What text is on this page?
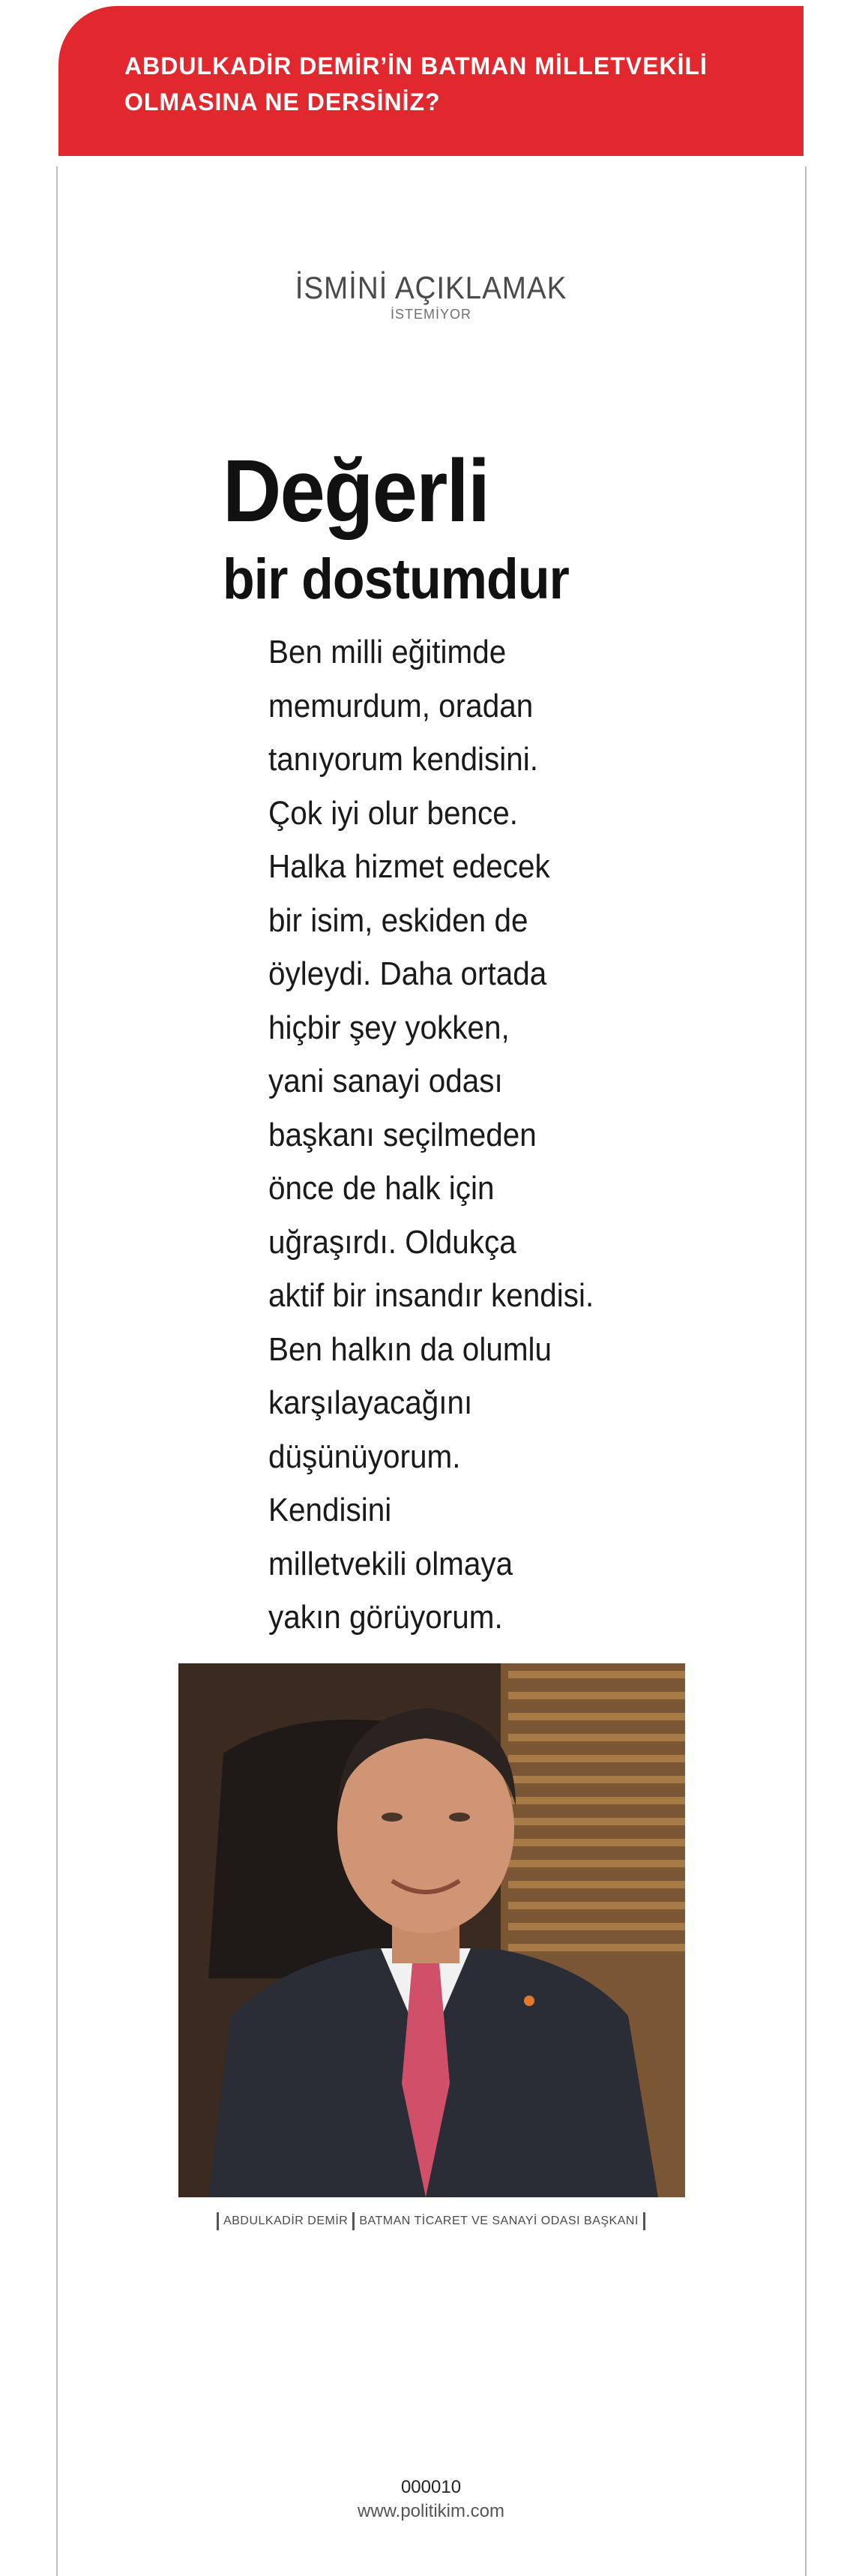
ABDULKADİR DEMİR’İN BATMAN MİLLETVEKİLİ OLMASINA NE DERSİNİZ?
İSMİNİ AÇIKLAMAK
İSTEMİYOR
Değerli
bir dostumdur
Ben milli eğitimde
memurdum, oradan
tanıyorum kendisini.
Çok iyi olur bence.
Halka hizmet edecek
bir isim, eskiden de
öyleydi. Daha ortada
hiçbir şey yokken,
yani sanayi odası
başkanı seçilmeden
önce de halk için
uğraşırdı. Oldukça
aktif bir insandır kendisi.
Ben halkın da olumlu
karşılayacağını
düşünüyorum.
Kendisini
milletvekili olmaya
yakın görüyorum.
ABDULKADİR DEMİR BATMAN TİCARET VE SANAYİ ODASI BAŞKANI
000010
www.politikim.com
